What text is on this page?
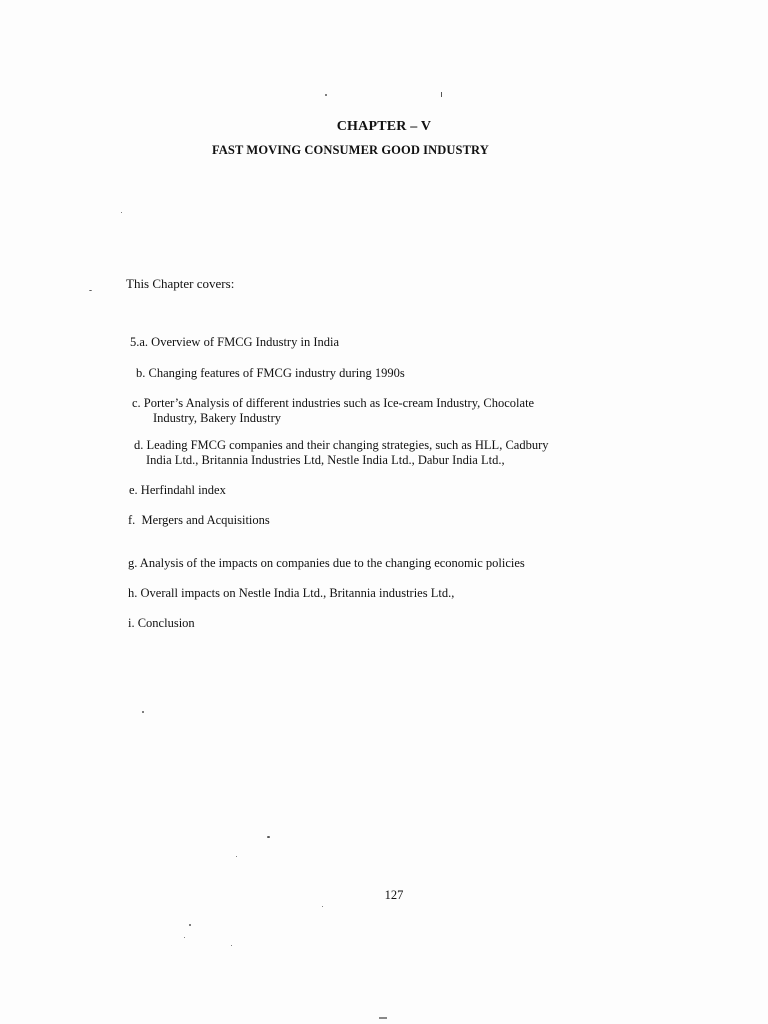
CHAPTER – V
FAST MOVING CONSUMER GOOD INDUSTRY
This Chapter covers:
5.a. Overview of FMCG Industry in India
b. Changing features of FMCG industry during 1990s
c. Porter’s Analysis of different industries such as Ice-cream Industry, Chocolate
Industry, Bakery Industry
d. Leading FMCG companies and their changing strategies, such as HLL, Cadbury
India Ltd., Britannia Industries Ltd, Nestle India Ltd., Dabur India Ltd.,
e. Herfindahl index
f.  Mergers and Acquisitions
g. Analysis of the impacts on companies due to the changing economic policies
h. Overall impacts on Nestle India Ltd., Britannia industries Ltd.,
i. Conclusion
127
